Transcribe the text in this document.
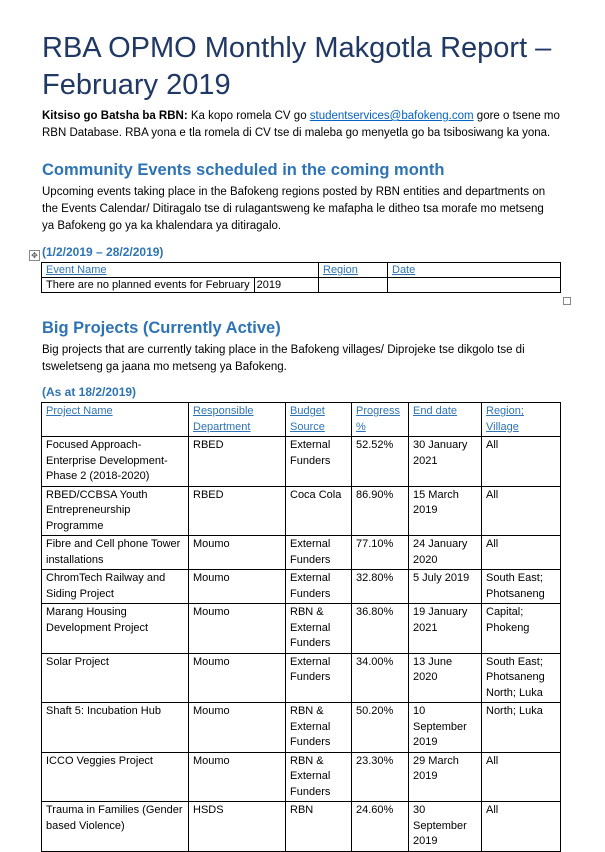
RBA OPMO Monthly Makgotla Report –
February 2019
Kitsiso go Batsha ba RBN: Ka kopo romela CV go studentservices@bafokeng.com gore o tsene mo
RBN Database. RBA yona e tla romela di CV tse di maleba go menyetla go ba tsibosiwang ka yona.
Community Events scheduled in the coming month
Upcoming events taking place in the Bafokeng regions posted by RBN entities and departments on
the Events Calendar/ Ditiragalo tse di rulagantsweng ke mafapha le ditheo tsa morafe mo metseng
ya Bafokeng go ya ka khalendara ya ditiragalo.
✥ (1/2/2019 – 28/2/2019)
Event Name	Region	Date
There are no planned events for February 2019		
Big Projects (Currently Active)
Big projects that are currently taking place in the Bafokeng villages/ Diprojeke tse dikgolo tse di
tsweletseng ga jaana mo metseng ya Bafokeng.
(As at 18/2/2019)
Project Name	Responsible Department	Budget Source	Progress %	End date	Region; Village
Focused Approach-Enterprise Development-Phase 2 (2018-2020)	RBED	External Funders	52.52%	30 January 2021	All
RBED/CCBSA Youth Entrepreneurship Programme	RBED	Coca Cola	86.90%	15 March 2019	All
Fibre and Cell phone Tower installations	Moumo	External Funders	77.10%	24 January 2020	All
ChromTech Railway and Siding Project	Moumo	External Funders	32.80%	5 July 2019	South East; Photsaneng
Marang Housing Development Project	Moumo	RBN & External Funders	36.80%	19 January 2021	Capital; Phokeng
Solar Project	Moumo	External Funders	34.00%	13 June 2020	South East; Photsaneng North; Luka
Shaft 5: Incubation Hub	Moumo	RBN & External Funders	50.20%	10 September 2019	North; Luka
ICCO Veggies Project	Moumo	RBN & External Funders	23.30%	29 March 2019	All
Trauma in Families (Gender based Violence)	HSDS	RBN	24.60%	30 September 2019	All
